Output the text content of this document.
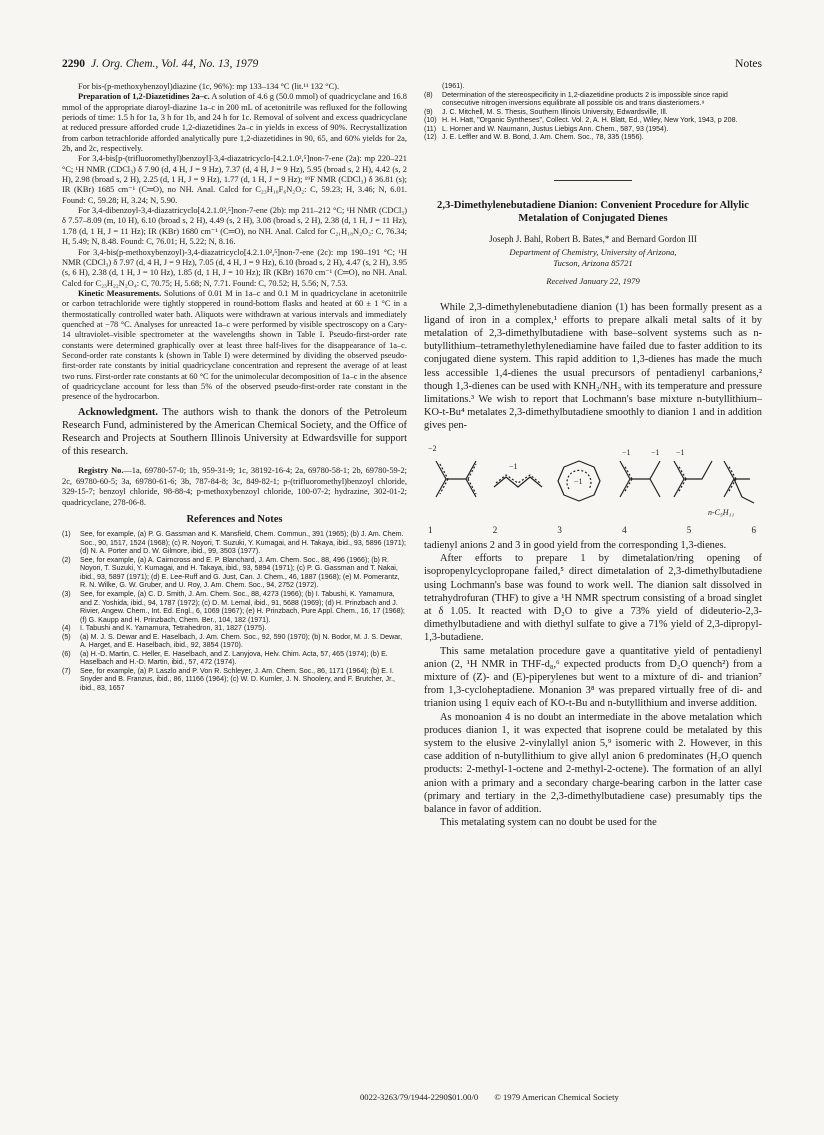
2290 J. Org. Chem., Vol. 44, No. 13, 1979	Notes

For bis-(p-methoxybenzoyl)diazine (1c, 96%): mp 133–134 °C (lit.¹¹ 132 °C).

Preparation of 1,2-Diazetidines 2a–c. A solution of 4.6 g (50.0 mmol) of quadricyclane and 16.8 mmol of the appropriate diaroyl-diazine 1a–c in 200 mL of acetonitrile was refluxed for the following periods of time: 1.5 h for 1a, 3 h for 1b, and 24 h for 1c. Removal of solvent and excess quadricyclane at reduced pressure afforded crude 1,2-diazetidines 2a–c in yields in excess of 90%. Recrystallization from carbon tetrachloride afforded analytically pure 1,2-diazetidines in 90, 65, and 60% yields for 2a, 2b, and 2c, respectively.

For 3,4-bis[p-(trifluoromethyl)benzoyl]-3,4-diazatricyclo-[4.2.1.0²,⁵]non-7-ene (2a): mp 220–221 °C; ¹H NMR (CDCl₃) δ 7.90 (d, 4 H, J = 9 Hz), 7.37 (d, 4 H, J = 9 Hz), 5.95 (broad s, 2 H), 4.42 (s, 2 H), 2.98 (broad s, 2 H), 2.25 (d, 1 H, J = 9 Hz), 1.77 (d, 1 H, J = 9 Hz); ¹⁹F NMR (CDCl₃) δ 36.81 (s); IR (KBr) 1685 cm⁻¹ (C═O), no NH. Anal. Calcd for C₂₃H₁₆F₆N₂O₂: C, 59.23; H, 3.46; N, 6.01. Found: C, 59.28; H, 3.24; N, 5.90.

For 3,4-dibenzoyl-3,4-diazatricyclo[4.2.1.0²,⁵]non-7-ene (2b): mp 211–212 °C; ¹H NMR (CDCl₃) δ 7.57–8.09 (m, 10 H), 6.10 (broad s, 2 H), 4.49 (s, 2 H), 3.08 (broad s, 2 H), 2.38 (d, 1 H, J = 11 Hz), 1.78 (d, 1 H, J = 11 Hz); IR (KBr) 1680 cm⁻¹ (C═O), no NH. Anal. Calcd for C₂₁H₁₈N₂O₂: C, 76.34; H, 5.49; N, 8.48. Found: C, 76.01; H, 5.22; N, 8.16.

For 3,4-bis(p-methoxybenzoyl)-3,4-diazatricyclo[4.2.1.0²,⁵]non-7-ene (2c): mp 190–191 °C; ¹H NMR (CDCl₃) δ 7.97 (d, 4 H, J = 9 Hz), 7.05 (d, 4 H, J = 9 Hz), 6.10 (broad s, 2 H), 4.47 (s, 2 H), 3.95 (s, 6 H), 2.38 (d, 1 H, J = 10 Hz), 1.85 (d, 1 H, J = 10 Hz); IR (KBr) 1670 cm⁻¹ (C═O), no NH. Anal. Calcd for C₂₃H₂₂N₂O₄: C, 70.75; H, 5.68; N, 7.71. Found: C, 70.52; H, 5.56; N, 7.53.

Kinetic Measurements. Solutions of 0.01 M in 1a–c and 0.1 M in quadricyclane in acetonitrile or carbon tetrachloride were tightly stoppered in round-bottom flasks and heated at 60 ± 1 °C in a thermostatically controlled water bath. Aliquots were withdrawn at various intervals and immediately quenched at −78 °C. Analyses for unreacted 1a–c were performed by visible spectroscopy on a Cary-14 ultraviolet–visible spectrometer at the wavelengths shown in Table I. Pseudo-first-order rate constants were determined graphically over at least three half-lives for the disappearance of 1a–c. Second-order rate constants k (shown in Table I) were determined by dividing the observed pseudo-first-order rate constants by initial quadricyclane concentration and represent the average of at least two runs. First-order rate constants at 60 °C for the unimolecular decomposition of 1a–c in the absence of quadricyclane account for less than 5% of the observed pseudo-first-order rate constant in the presence of the hydrocarbon.

Acknowledgment. The authors wish to thank the donors of the Petroleum Research Fund, administered by the American Chemical Society, and the Office of Research and Projects at Southern Illinois University at Edwardsville for support of this research.

Registry No.—1a, 69780-57-0; 1b, 959-31-9; 1c, 38192-16-4; 2a, 69780-58-1; 2b, 69780-59-2; 2c, 69780-60-5; 3a, 69780-61-6; 3b, 787-84-8; 3c, 849-82-1; p-(trifluoromethyl)benzoyl chloride, 329-15-7; benzoyl chloride, 98-88-4; p-methoxybenzoyl chloride, 100-07-2; hydrazine, 302-01-2; quadricyclane, 278-06-8.

References and Notes
(1)	See, for example, (a) P. G. Gassman and K. Mansfield, Chem. Commun., 391 (1965); (b) J. Am. Chem. Soc., 90, 1517, 1524 (1968); (c) R. Noyori, T. Suzuki, Y. Kumagai, and H. Takaya, ibid., 93, 5896 (1971); (d) N. A. Porter and D. W. Gilmore, ibid., 99, 3503 (1977).
(2)	See, for example, (a) A. Cairncross and E. P. Blanchard, J. Am. Chem. Soc., 88, 496 (1966); (b) R. Noyori, T. Suzuki, Y. Kumagai, and H. Takaya, ibid., 93, 5894 (1971); (c) P. G. Gassman and T. Nakai, ibid., 93, 5897 (1971); (d) E. Lee-Ruff and G. Just, Can. J. Chem., 46, 1887 (1968); (e) M. Pomerantz, R. N. Wilke, G. W. Gruber, and U. Roy, J. Am. Chem. Soc., 94, 2752 (1972).
(3)	See, for example, (a) C. D. Smith, J. Am. Chem. Soc., 88, 4273 (1966); (b) I. Tabushi, K. Yamamura, and Z. Yoshida, ibid., 94, 1787 (1972); (c) D. M. Lemal, ibid., 91, 5688 (1969); (d) H. Prinzbach and J. Rivier, Angew. Chem., Int. Ed. Engl., 6, 1069 (1967); (e) H. Prinzbach, Pure Appl. Chem., 16, 17 (1968); (f) G. Kaupp and H. Prinzbach, Chem. Ber., 104, 182 (1971).
(4)	I. Tabushi and K. Yamamura, Tetrahedron, 31, 1827 (1975).
(5)	(a) M. J. S. Dewar and E. Haselbach, J. Am. Chem. Soc., 92, 590 (1970); (b) N. Bodor, M. J. S. Dewar, A. Harget, and E. Haselbach, ibid., 92, 3854 (1970).
(6)	(a) H.-D. Martin, C. Heller, E. Haselbach, and Z. Lanyjova, Helv. Chim. Acta, 57, 465 (1974); (b) E. Haselbach and H.-D. Martin, ibid., 57, 472 (1974).
(7)	See, for example, (a) P. Laszlo and P. Von R. Schleyer, J. Am. Chem. Soc., 86, 1171 (1964); (b) E. I. Snyder and B. Franzus, ibid., 86, 11166 (1964); (c) W. D. Kumler, J. N. Shoolery, and F. Brutcher, Jr., ibid., 83, 1657
(1961).
(8)	Determination of the stereospecificity in 1,2-diazetidine products 2 is impossible since rapid consecutive nitrogen inversions equilibrate all possible cis and trans diasteriomers.⁹
(9)	J. C. Mitchell, M. S. Thesis, Southern Illinois University, Edwardsville, Ill.
(10) H. H. Hatt, "Organic Syntheses", Collect. Vol. 2, A. H. Blatt, Ed., Wiley, New York, 1943, p 208.
(11) L. Horner and W. Naumann, Justus Liebigs Ann. Chem., 587, 93 (1954).
(12) J. E. Leffler and W. B. Bond, J. Am. Chem. Soc., 78, 335 (1956).
2,3-Dimethylenebutadiene Dianion: Convenient Procedure for Allylic Metalation of Conjugated Dienes
Joseph J. Bahl, Robert B. Bates,* and Bernard Gordon III
Department of Chemistry, University of Arizona,
Tucson, Arizona 85721
Received January 22, 1979

While 2,3-dimethylenebutadiene dianion (1) has been formally present as a ligand of iron in a complex,¹ efforts to prepare alkali metal salts of it by metalation of 2,3-dimethylbutadiene with base–solvent systems such as n-butyllithium–tetramethylethylenediamine have failed due to faster addition to its conjugated diene system. This rapid addition to 1,3-dienes has made the much less accessible 1,4-dienes the usual precursors of pentadienyl carbanions,² though 1,3-dienes can be used with KNH₂/NH₃ with its temperature and pressure limitations.³ We wish to report that Lochmann's base mixture n-butyllithium–KO-t-Bu⁴ metalates 2,3-dimethylbutadiene smoothly to dianion 1 and in addition gives pen-

−2
−1
−1
−1	−1 −1
n-C₅H₁₁
1	2	3	4	5	6

tadienyl anions 2 and 3 in good yield from the corresponding 1,3-dienes.

After efforts to prepare 1 by dimetalation/ring opening of isopropenylcyclopropane failed,⁵ direct dimetalation of 2,3-dimethylbutadiene using Lochmann's base was found to work well. The dianion salt dissolved in tetrahydrofuran (THF) to give a ¹H NMR spectrum consisting of a broad singlet at δ 1.05. It reacted with D₂O to give a 73% yield of dideuterio-2,3-dimethylbutadiene and with diethyl sulfate to give a 71% yield of 2,3-dipropyl-1,3-butadiene.

This same metalation procedure gave a quantitative yield of pentadienyl anion (2, ¹H NMR in THF-d₈,⁶ expected products from D₂O quench²) from a mixture of (Z)- and (E)-piperylenes but went to a mixture of di- and trianion⁷ from 1,3-cycloheptadiene. Monanion 3⁸ was prepared virtually free of di- and trianion using 1 equiv each of KO-t-Bu and n-butyllithium and inverse addition.

As monoanion 4 is no doubt an intermediate in the above metalation which produces dianion 1, it was expected that isoprene could be metalated by this system to the elusive 2-vinylallyl anion 5,⁹ isomeric with 2. However, in this case addition of n-butyllithium to give allyl anion 6 predominates (H₂O quench products: 2-methyl-1-octene and 2-methyl-2-octene). The formation of an allyl anion with a primary and a secondary charge-bearing carbon in the latter case (primary and tertiary in the 2,3-dimethylbutadiene case) presumably tips the balance in favor of addition.

This metalating system can no doubt be used for the

0022-3263/79/1944-2290$01.00/0 © 1979 American Chemical Society
